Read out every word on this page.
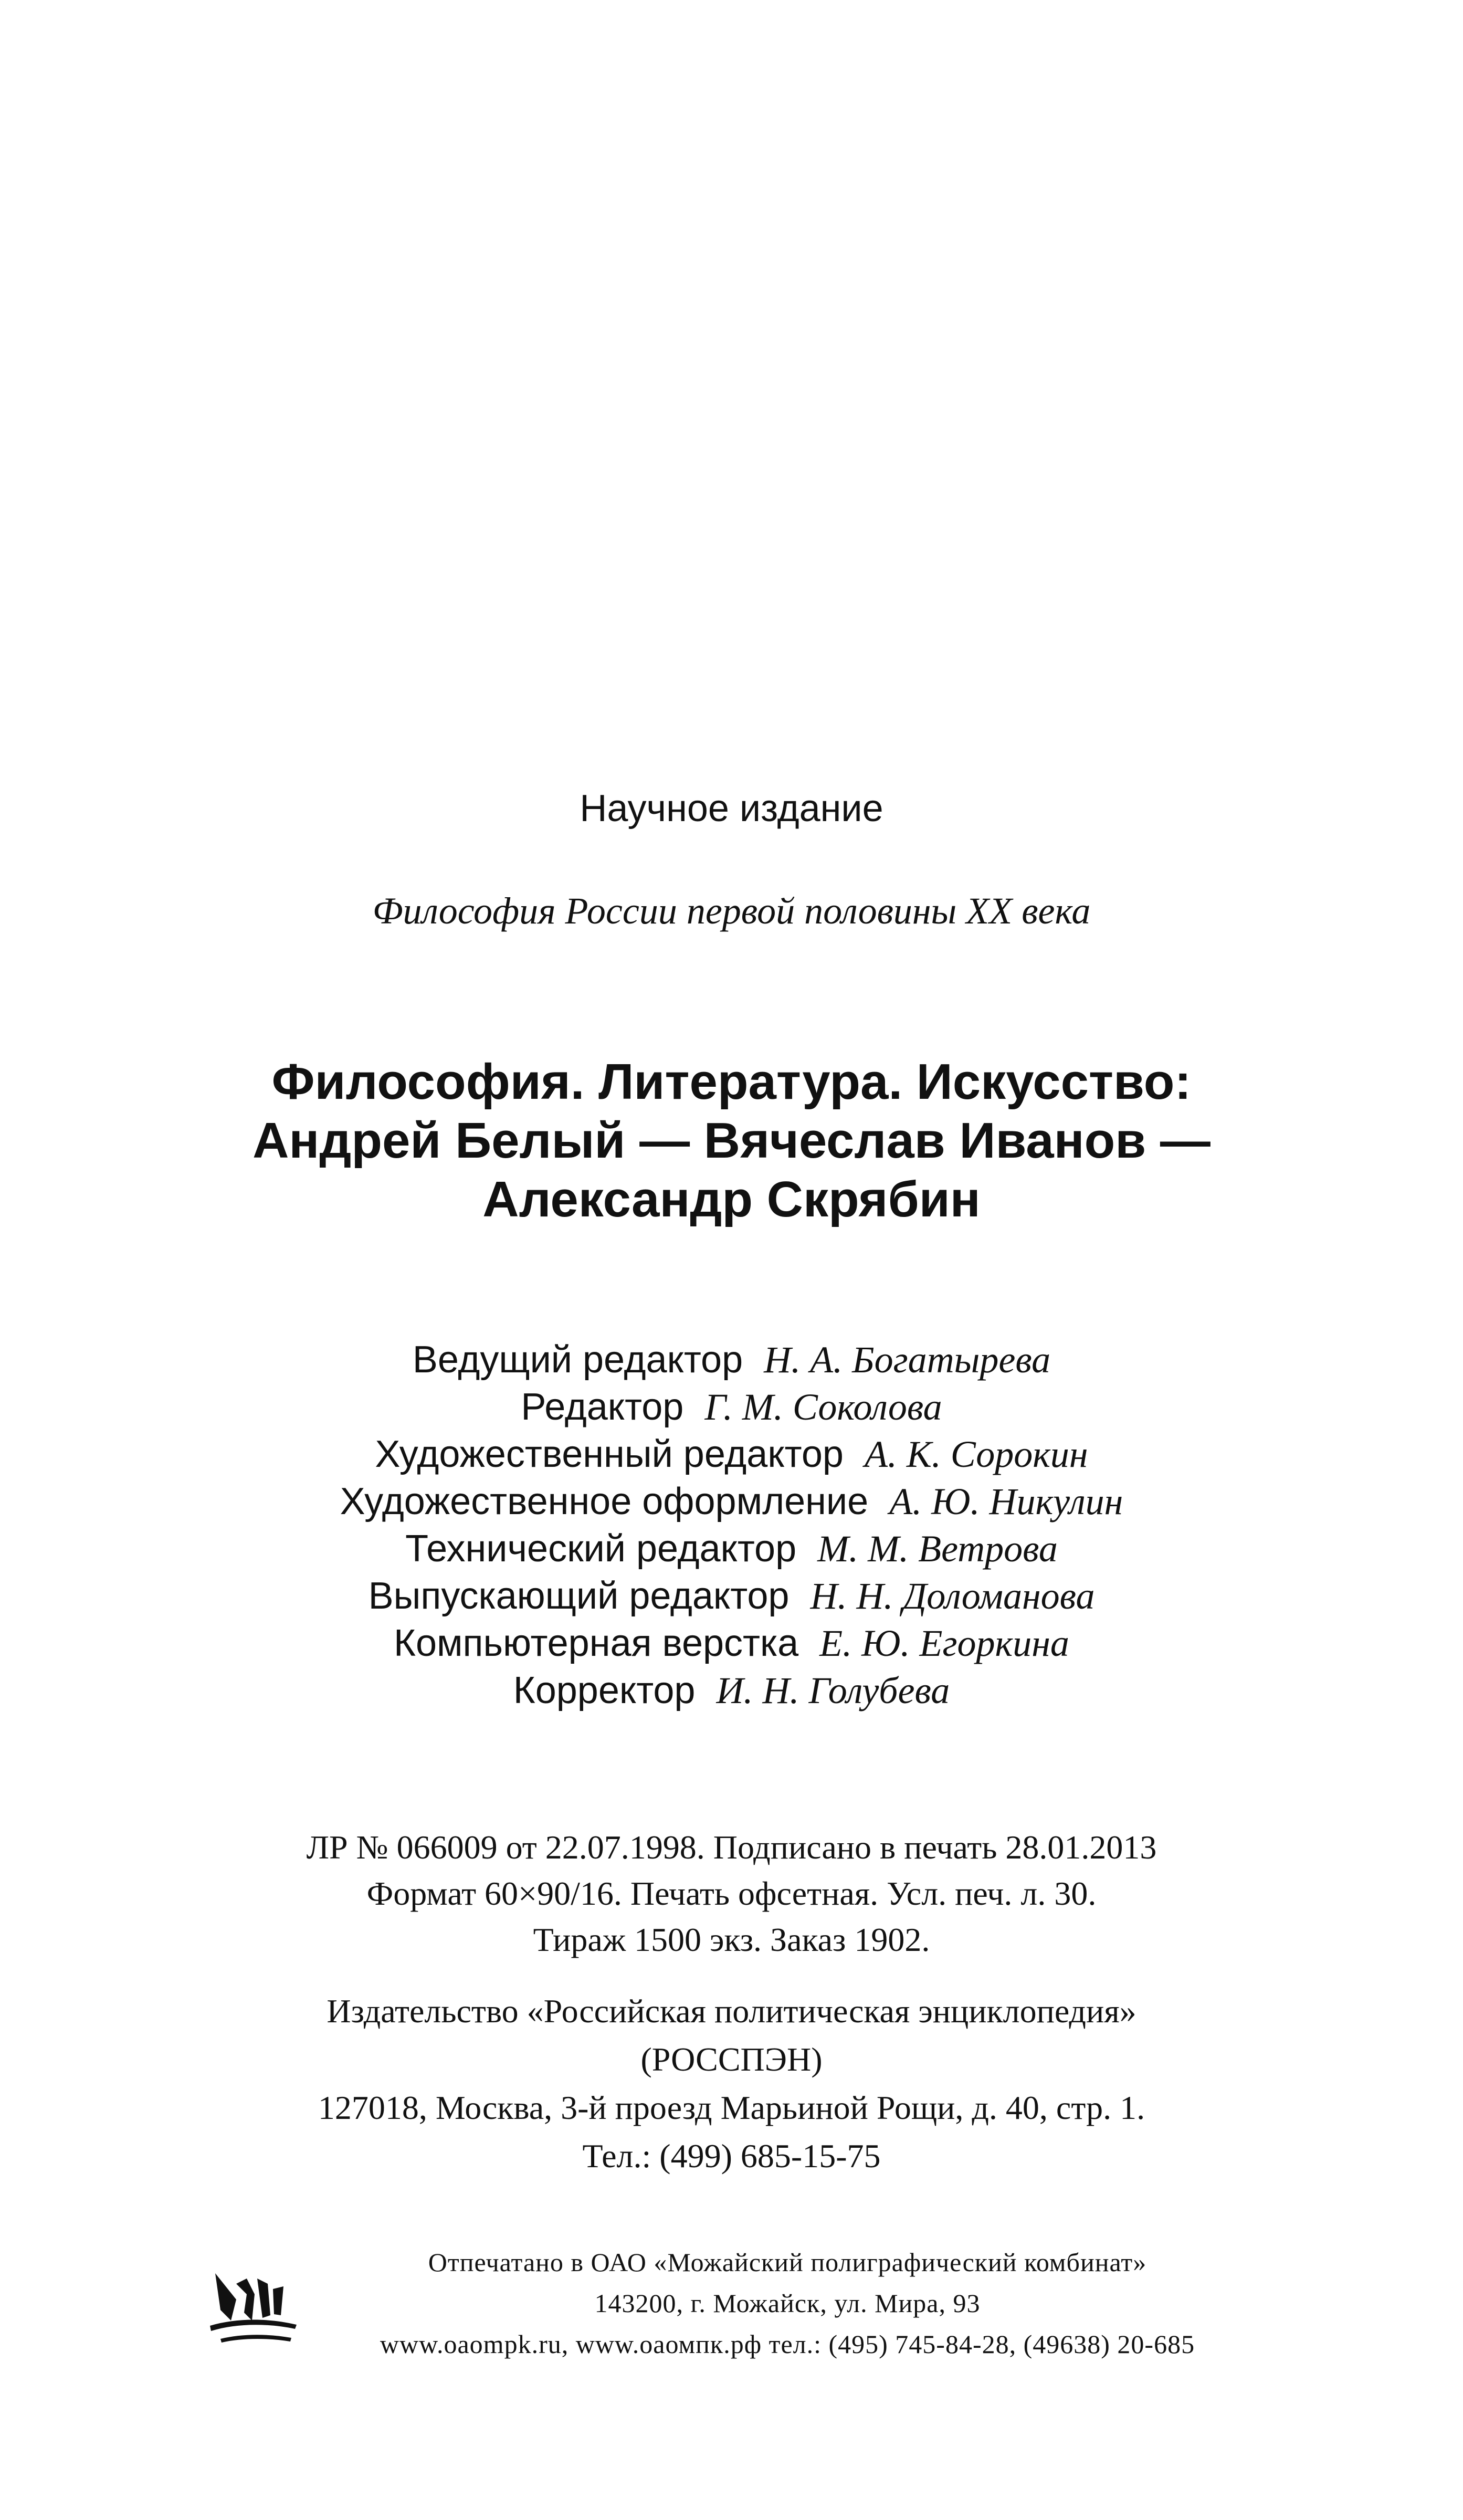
Научное издание
Философия России первой половины XX века
Философия. Литература. Искусство:
Андрей Белый — Вячеслав Иванов —
Александр Скрябин
Ведущий редактор Н. А. Богатырева
Редактор Г. М. Соколова
Художественный редактор А. К. Сорокин
Художественное оформление А. Ю. Никулин
Технический редактор М. М. Ветрова
Выпускающий редактор Н. Н. Доломанова
Компьютерная верстка Е. Ю. Егоркина
Корректор И. Н. Голубева
ЛР № 066009 от 22.07.1998. Подписано в печать 28.01.2013
Формат 60×90/16. Печать офсетная. Усл. печ. л. 30.
Тираж 1500 экз. Заказ 1902.
Издательство «Российская политическая энциклопедия»
(РОССПЭН)
127018, Москва, 3-й проезд Марьиной Рощи, д. 40, стр. 1.
Тел.: (499) 685-15-75
Отпечатано в ОАО «Можайский полиграфический комбинат»
143200, г. Можайск, ул. Мира, 93
www.oaompk.ru, www.оаомпк.рф тел.: (495) 745-84-28, (49638) 20-685
